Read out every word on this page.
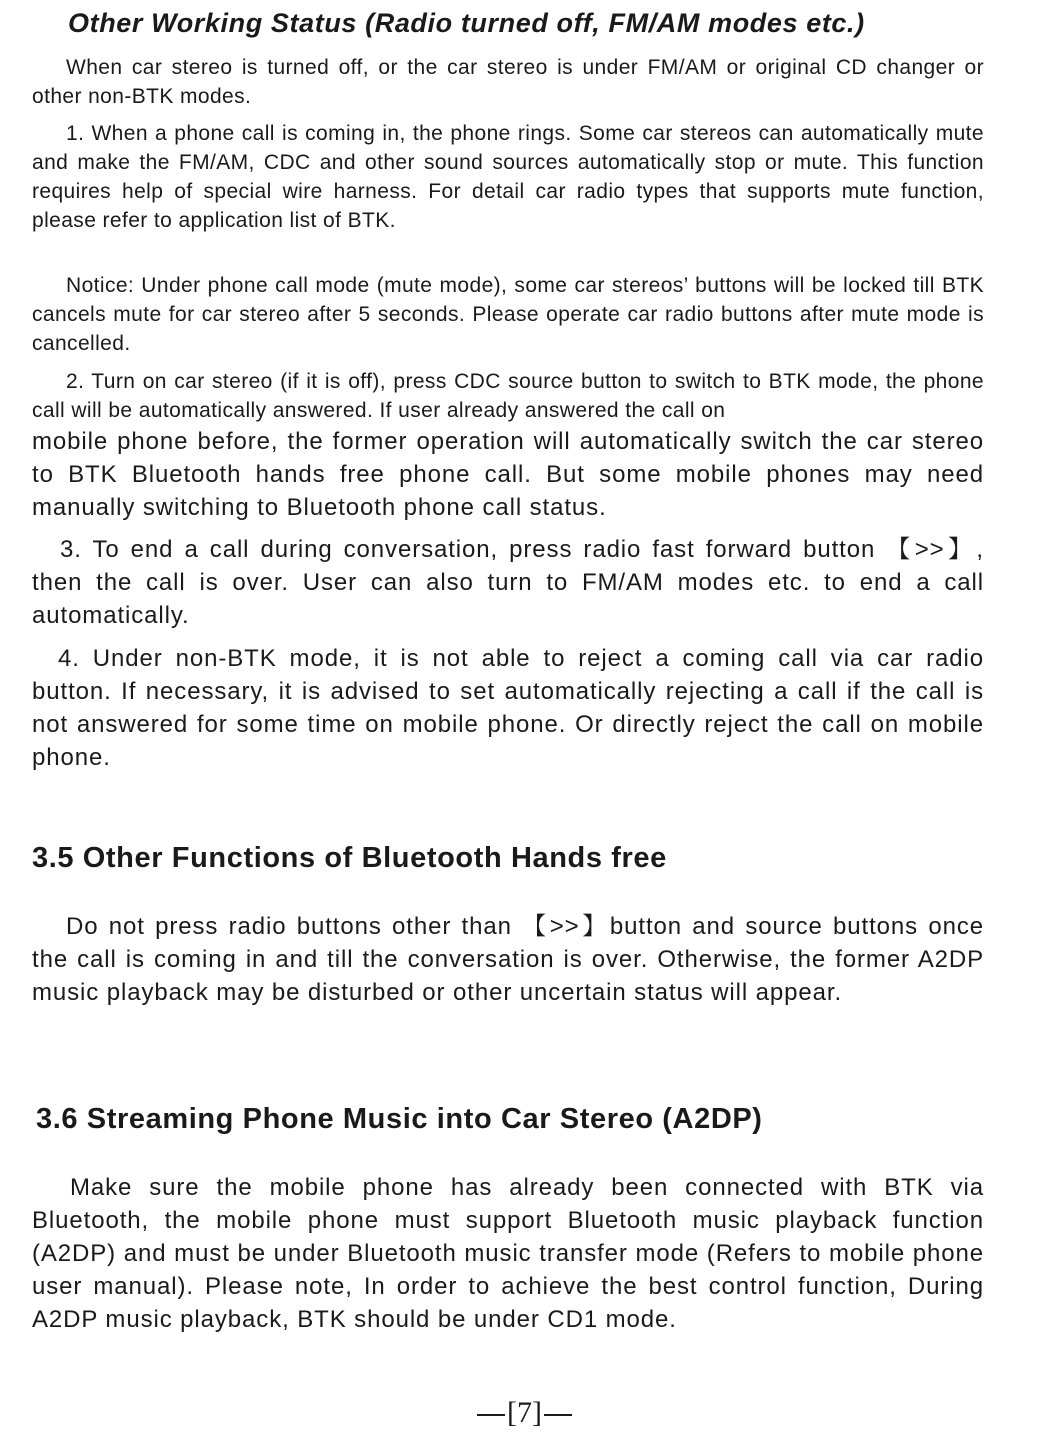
Other Working Status (Radio turned off, FM/AM modes etc.)

When car stereo is turned off, or the car stereo is under FM/AM or original CD changer or other non-BTK modes.

1. When a phone call is coming in, the phone rings. Some car stereos can automatically mute and make the FM/AM, CDC and other sound sources automatically stop or mute. This function requires help of special wire harness. For detail car radio types that supports mute function, please refer to application list of BTK.

Notice: Under phone call mode (mute mode), some car stereos’ buttons will be locked till BTK cancels mute for car stereo after 5 seconds. Please operate car radio buttons after mute mode is cancelled.

2. Turn on car stereo (if it is off), press CDC source button to switch to BTK mode, the phone call will be automatically answered. If user already answered the call on

mobile phone before, the former operation will automatically switch the car stereo to BTK Bluetooth hands free phone call. But some mobile phones may need manually switching to Bluetooth phone call status.

3. To end a call during conversation, press radio fast forward button 【>>】, then the call is over. User can also turn to FM/AM modes etc. to end a call automatically.

4. Under non-BTK mode, it is not able to reject a coming call via car radio button. If necessary, it is advised to set automatically rejecting a call if the call is not answered for some time on mobile phone. Or directly reject the call on mobile phone.

3.5 Other Functions of Bluetooth Hands free

Do not press radio buttons other than 【>>】button and source buttons once the call is coming in and till the conversation is over. Otherwise, the former A2DP music playback may be disturbed or other uncertain status will appear.

3.6 Streaming Phone Music into Car Stereo (A2DP)

Make sure the mobile phone has already been connected with BTK via Bluetooth, the mobile phone must support Bluetooth music playback function (A2DP) and must be under Bluetooth music transfer mode (Refers to mobile phone user manual). Please note, In order to achieve the best control function, During A2DP music playback, BTK should be under CD1 mode.

[7]
